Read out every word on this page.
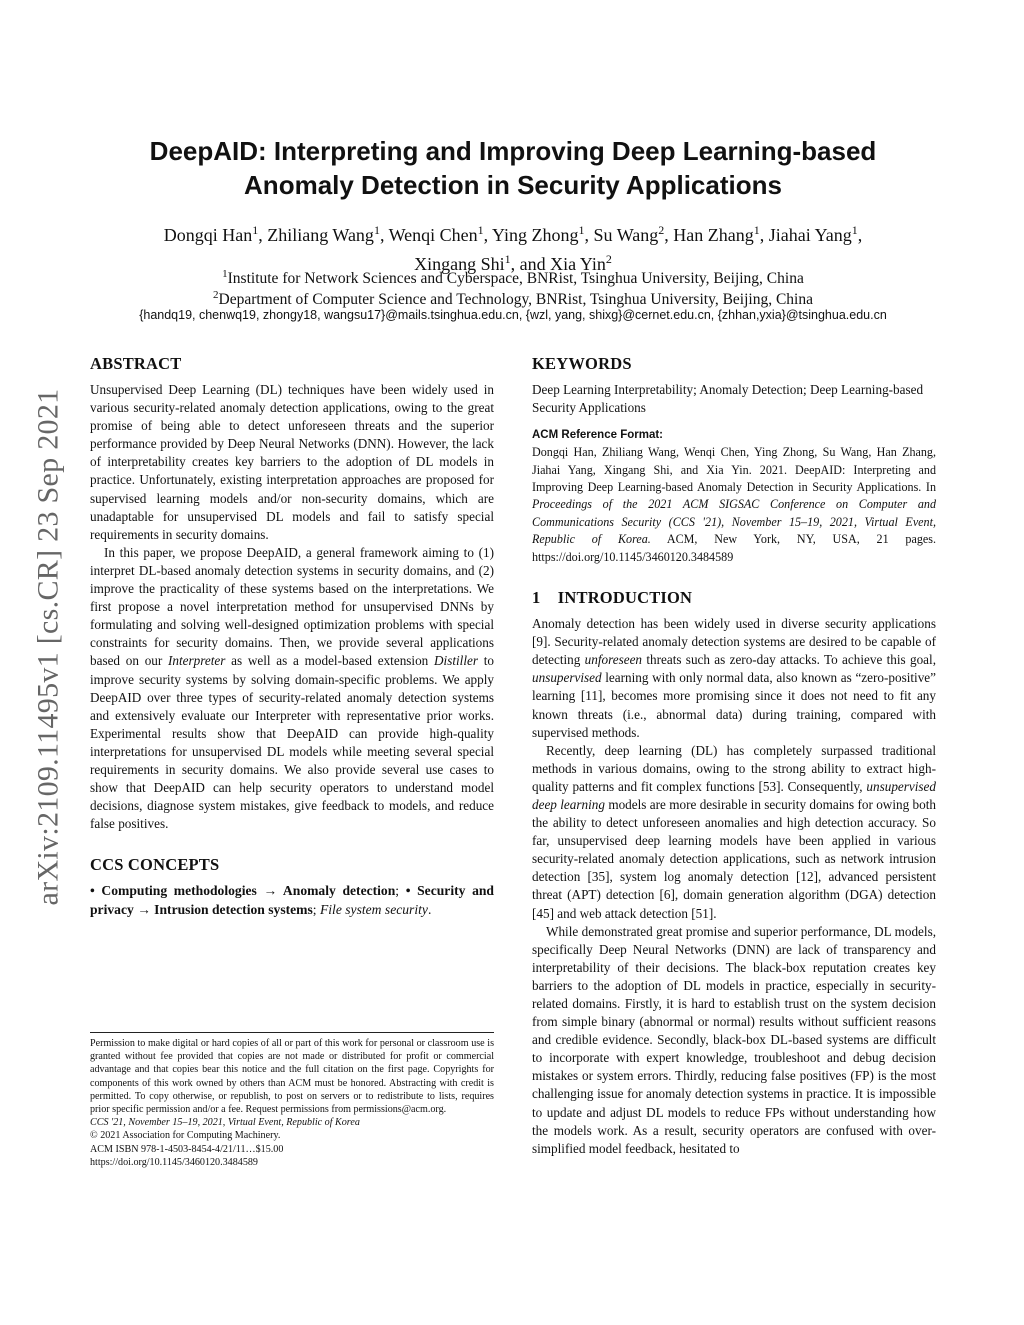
arXiv:2109.11495v1 [cs.CR] 23 Sep 2021
DeepAID: Interpreting and Improving Deep Learning-based
Anomaly Detection in Security Applications
Dongqi Han$^1$, Zhiliang Wang$^1$, Wenqi Chen$^1$, Ying Zhong$^1$, Su Wang$^2$, Han Zhang$^1$, Jiahai Yang$^1$,
Xingang Shi$^1$, and Xia Yin$^2$
$^1$Institute for Network Sciences and Cyberspace, BNRist, Tsinghua University, Beijing, China
$^2$Department of Computer Science and Technology, BNRist, Tsinghua University, Beijing, China
{handq19, chenwq19, zhongy18, wangsu17}@mails.tsinghua.edu.cn, {wzl, yang, shixg}@cernet.edu.cn, {zhhan,yxia}@tsinghua.edu.cn
ABSTRACT

Unsupervised Deep Learning (DL) techniques have been widely used in various security-related anomaly detection applications, owing to the great promise of being able to detect unforeseen threats and the superior performance provided by Deep Neural Networks (DNN). However, the lack of interpretability creates key barriers to the adoption of DL models in practice. Unfortunately, existing interpretation approaches are proposed for supervised learning models and/or non-security domains, which are unadaptable for unsupervised DL models and fail to satisfy special requirements in security domains.

In this paper, we propose DeepAID, a general framework aiming to (1) interpret DL-based anomaly detection systems in security domains, and (2) improve the practicality of these systems based on the interpretations. We first propose a novel interpretation method for unsupervised DNNs by formulating and solving well-designed optimization problems with special constraints for security domains. Then, we provide several applications based on our Interpreter as well as a model-based extension Distiller to improve security systems by solving domain-specific problems. We apply DeepAID over three types of security-related anomaly detection systems and extensively evaluate our Interpreter with representative prior works. Experimental results show that DeepAID can provide high-quality interpretations for unsupervised DL models while meeting several special requirements in security domains. We also provide several use cases to show that DeepAID can help security operators to understand model decisions, diagnose system mistakes, give feedback to models, and reduce false positives.

CCS CONCEPTS

• Computing methodologies → Anomaly detection; • Security and privacy → Intrusion detection systems; File system security.

Permission to make digital or hard copies of all or part of this work for personal or classroom use is granted without fee provided that copies are not made or distributed for profit or commercial advantage and that copies bear this notice and the full citation on the first page. Copyrights for components of this work owned by others than ACM must be honored. Abstracting with credit is permitted. To copy otherwise, or republish, to post on servers or to redistribute to lists, requires prior specific permission and/or a fee. Request permissions from permissions@acm.org.

CCS '21, November 15–19, 2021, Virtual Event, Republic of Korea

© 2021 Association for Computing Machinery.

ACM ISBN 978-1-4503-8454-4/21/11…$15.00

https://doi.org/10.1145/3460120.3484589

KEYWORDS

Deep Learning Interpretability; Anomaly Detection; Deep Learning-based Security Applications

ACM Reference Format:

Dongqi Han, Zhiliang Wang, Wenqi Chen, Ying Zhong, Su Wang, Han Zhang, Jiahai Yang, Xingang Shi, and Xia Yin. 2021. DeepAID: Interpreting and Improving Deep Learning-based Anomaly Detection in Security Applications. In Proceedings of the 2021 ACM SIGSAC Conference on Computer and Communications Security (CCS '21), November 15–19, 2021, Virtual Event, Republic of Korea. ACM, New York, NY, USA, 21 pages. https://doi.org/10.1145/3460120.3484589

1    INTRODUCTION

Anomaly detection has been widely used in diverse security applications [9]. Security-related anomaly detection systems are desired to be capable of detecting unforeseen threats such as zero-day attacks. To achieve this goal, unsupervised learning with only normal data, also known as “zero-positive” learning [11], becomes more promising since it does not need to fit any known threats (i.e., abnormal data) during training, compared with supervised methods.

Recently, deep learning (DL) has completely surpassed traditional methods in various domains, owing to the strong ability to extract high-quality patterns and fit complex functions [53]. Consequently, unsupervised deep learning models are more desirable in security domains for owing both the ability to detect unforeseen anomalies and high detection accuracy. So far, unsupervised deep learning models have been applied in various security-related anomaly detection applications, such as network intrusion detection [35], system log anomaly detection [12], advanced persistent threat (APT) detection [6], domain generation algorithm (DGA) detection [45] and web attack detection [51].

While demonstrated great promise and superior performance, DL models, specifically Deep Neural Networks (DNN) are lack of transparency and interpretability of their decisions. The black-box reputation creates key barriers to the adoption of DL models in practice, especially in security-related domains. Firstly, it is hard to establish trust on the system decision from simple binary (abnormal or normal) results without sufficient reasons and credible evidence. Secondly, black-box DL-based systems are difficult to incorporate with expert knowledge, troubleshoot and debug decision mistakes or system errors. Thirdly, reducing false positives (FP) is the most challenging issue for anomaly detection systems in practice. It is impossible to update and adjust DL models to reduce FPs without understanding how the models work. As a result, security operators are confused with over-simplified model feedback, hesitated to
